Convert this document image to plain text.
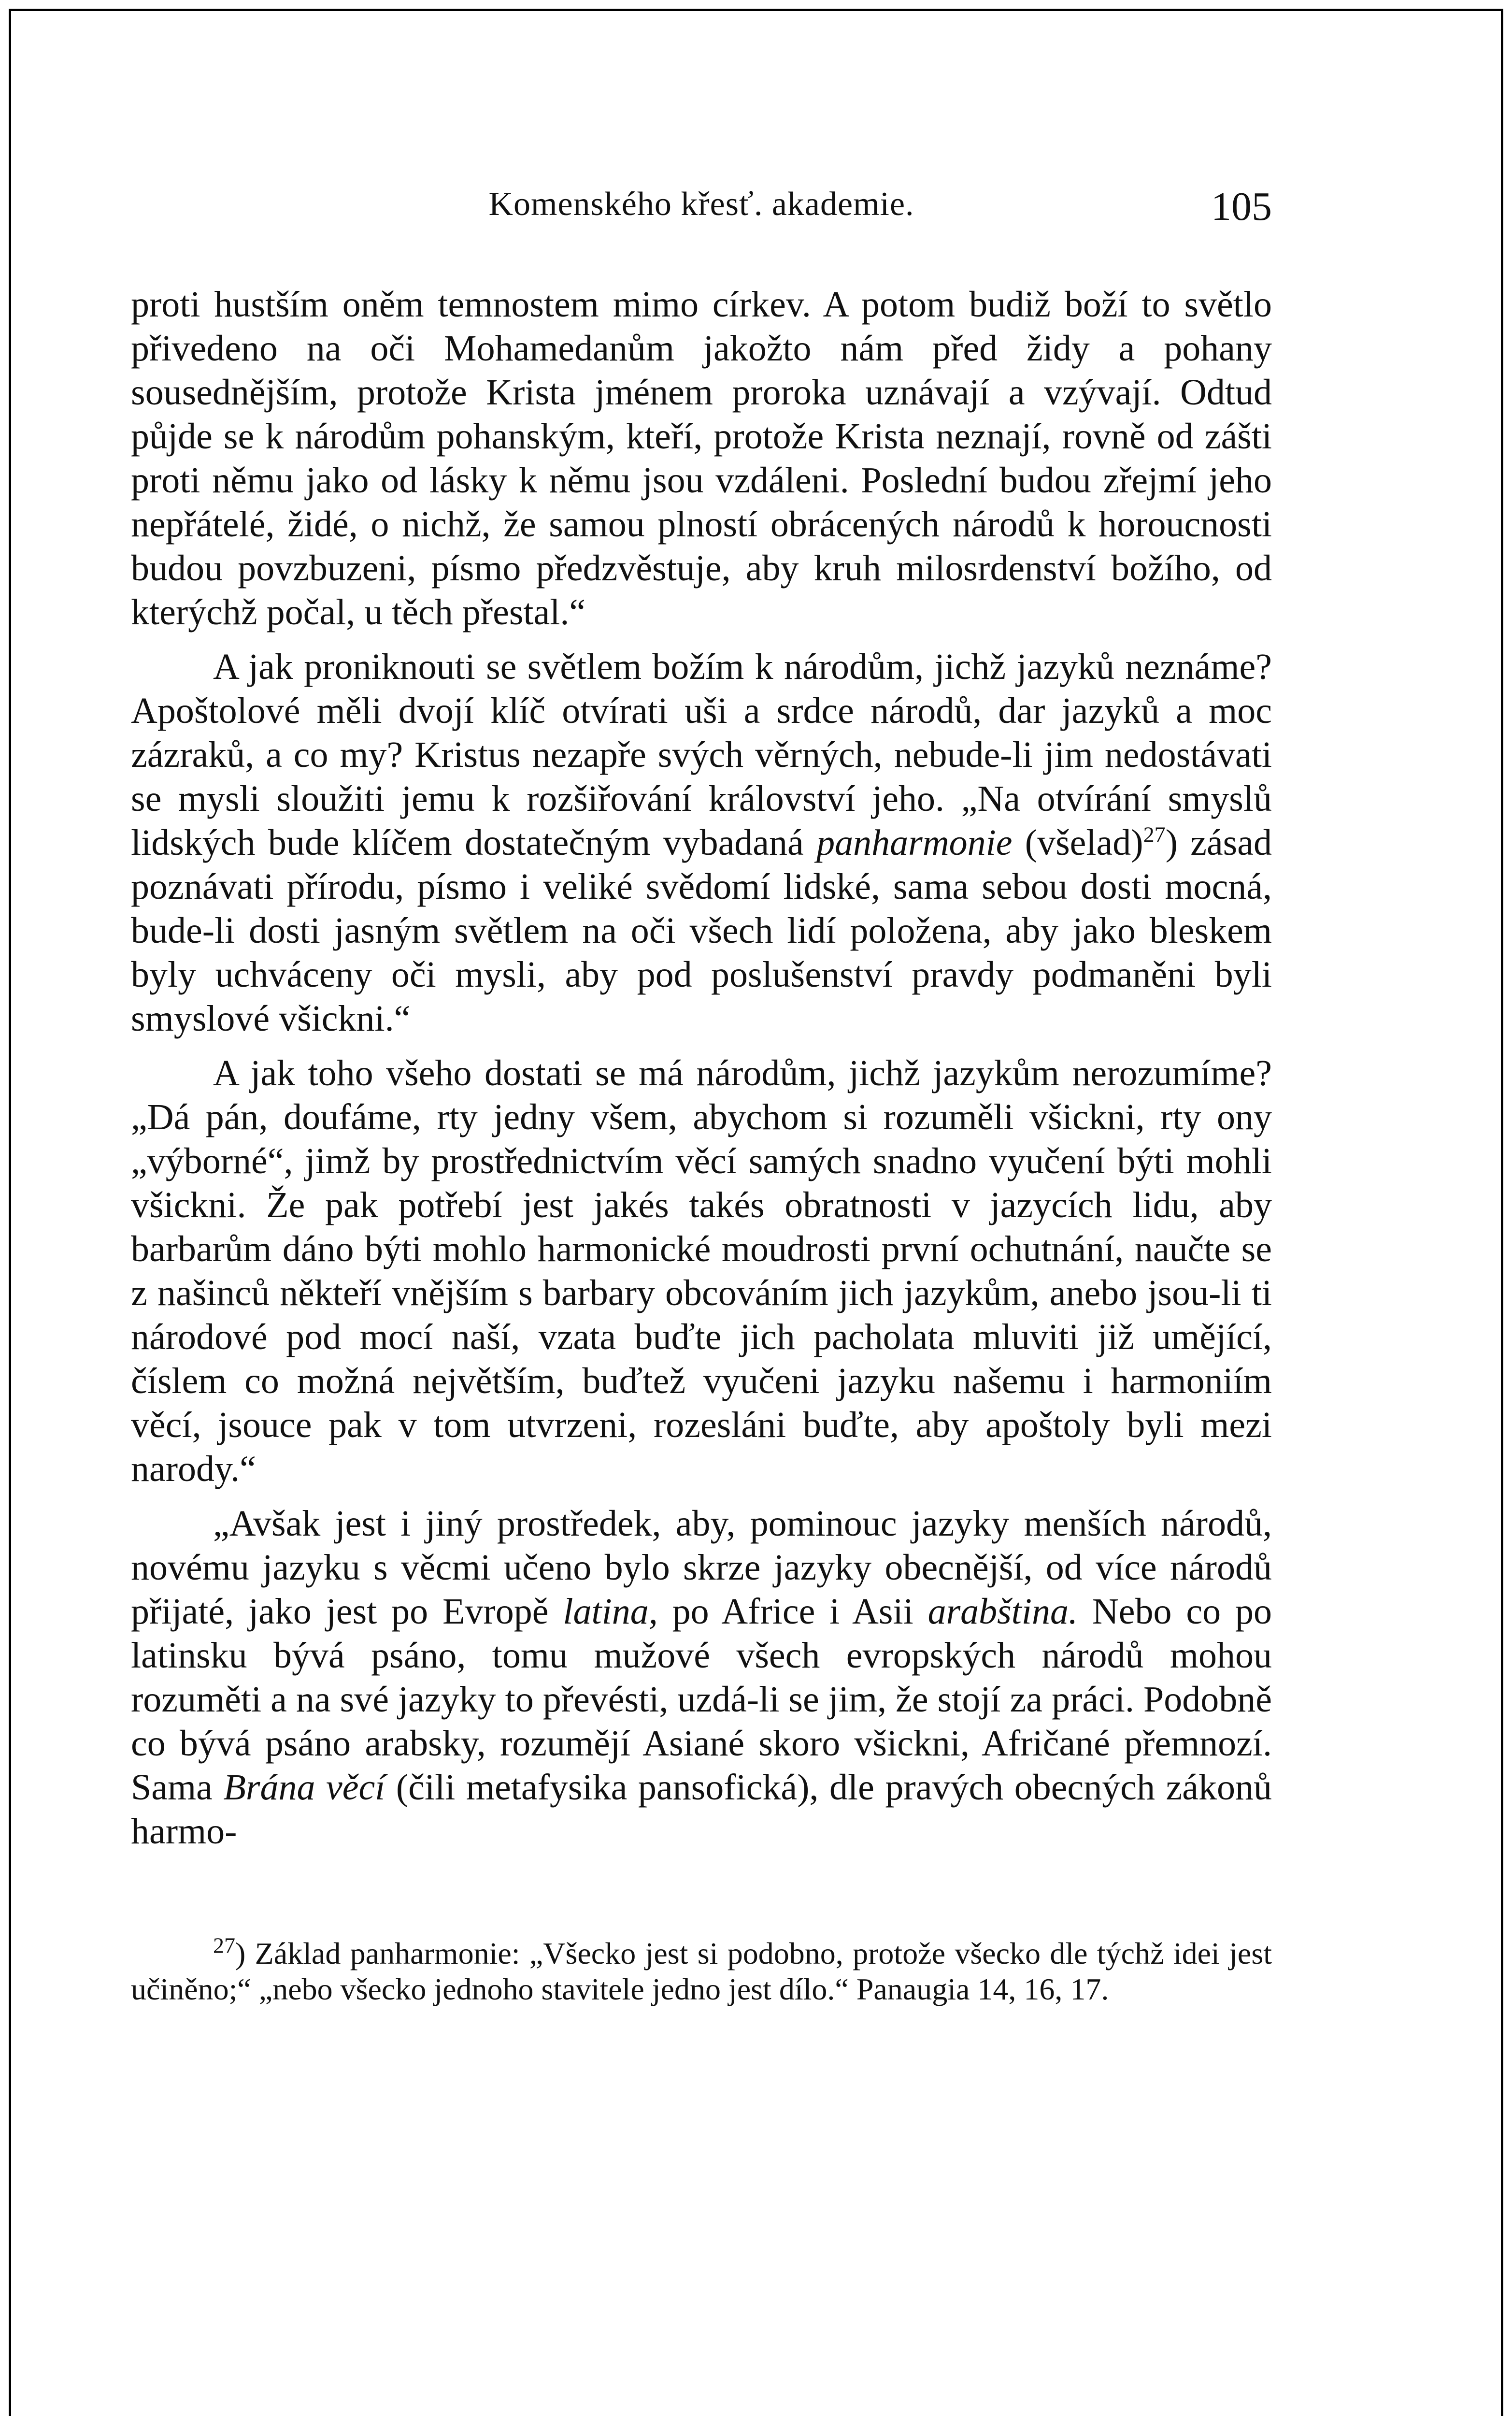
Komenského křesť. akademie.	105

proti hustším oněm temnostem mimo církev. A potom budiž boží to světlo přivedeno na oči Mohamedanům jakožto nám před židy a pohany sousednějším, protože Krista jménem proroka uznávají a vzývají. Odtud půjde se k národům pohanským, kteří, protože Krista neznají, rovně od zášti proti němu jako od lásky k němu jsou vzdáleni. Poslední budou zřejmí jeho nepřátelé, židé, o nichž, že samou plností obrácených národů k horoucnosti budou povzbuzeni, písmo předzvěstuje, aby kruh milosrdenství božího, od kterýchž počal, u těch přestal.“

A jak proniknouti se světlem božím k národům, jichž jazyků neznáme? Apoštolové měli dvojí klíč otvírati uši a srdce národů, dar jazyků a moc zázraků, a co my? Kristus nezapře svých věrných, nebude-li jim nedostávati se mysli sloužiti jemu k rozšiřování království jeho. „Na otvírání smyslů lidských bude klíčem dostatečným vybadaná panharmonie (všelad)$^{27}$) zásad poznávati přírodu, písmo i veliké svědomí lidské, sama sebou dosti mocná, bude-li dosti jasným světlem na oči všech lidí položena, aby jako bleskem byly uchváceny oči mysli, aby pod poslušenství pravdy podmaněni byli smyslové všickni.“

A jak toho všeho dostati se má národům, jichž jazykům nerozumíme? „Dá pán, doufáme, rty jedny všem, abychom si rozuměli všickni, rty ony „výborné“, jimž by prostřednictvím věcí samých snadno vyučení býti mohli všickni. Že pak potřebí jest jakés takés obratnosti v jazycích lidu, aby barbarům dáno býti mohlo harmonické moudrosti první ochutnání, naučte se z našinců někteří vnějším s barbary obcováním jich jazykům, anebo jsou-li ti národové pod mocí naší, vzata buďte jich pacholata mluviti již umějící, číslem co možná největším, buďtež vyučeni jazyku našemu i harmoniím věcí, jsouce pak v tom utvrzeni, rozesláni buďte, aby apoštoly byli mezi narody.“

„Avšak jest i jiný prostředek, aby, pominouc jazyky menších národů, novému jazyku s věcmi učeno bylo skrze jazyky obecnější, od více národů přijaté, jako jest po Evropě latina, po Africe i Asii arabština. Nebo co po latinsku bývá psáno, tomu mužové všech evropských národů mohou rozuměti a na své jazyky to převésti, uzdá-li se jim, že stojí za práci. Podobně co bývá psáno arabsky, rozumějí Asiané skoro všickni, Afričané přemnozí. Sama Brána věcí (čili metafysika pansofická), dle pravých obecných zákonů harmo-

$^{27}$) Základ panharmonie: „Všecko jest si podobno, protože všecko dle týchž idei jest učiněno;“ „nebo všecko jednoho stavitele jedno jest dílo.“ Panaugia 14, 16, 17.
